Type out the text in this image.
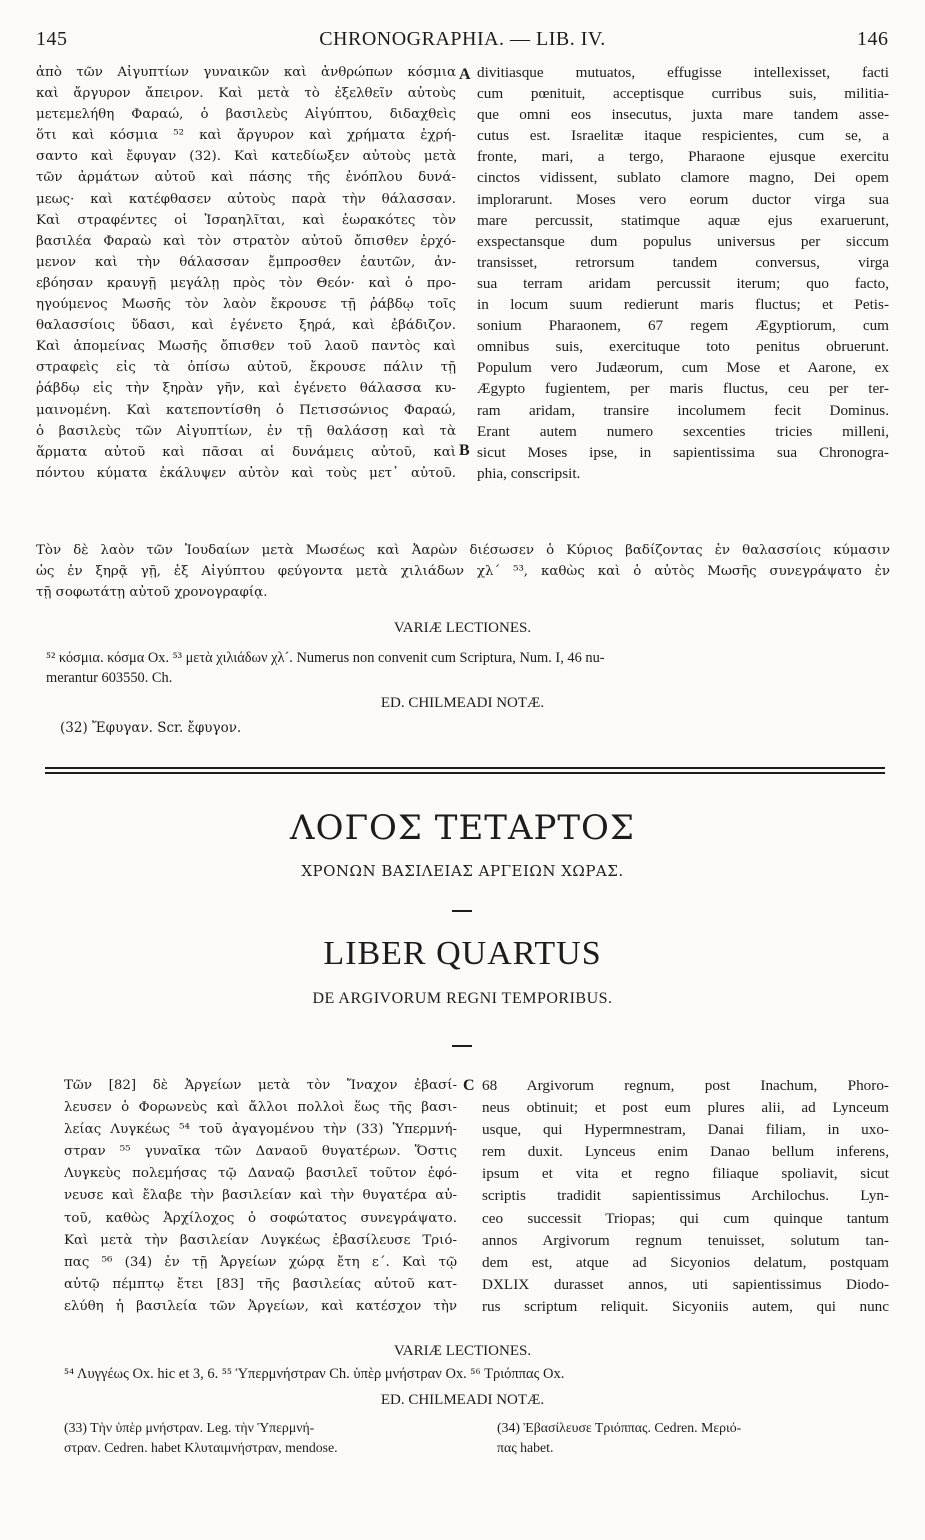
145	CHRONOGRAPHIA. — LIB. IV.	146
ἀπὸ τῶν Αἰγυπτίων γυναικῶν καὶ ἀνθρώπων κόσμια
καὶ ἄργυρον ἄπειρον. Καὶ μετὰ τὸ ἐξελθεῖν αὐτοὺς
μετεμελήθη Φαραώ, ὁ βασιλεὺς Αἰγύπτου, διδαχθεὶς
ὅτι καὶ κόσμια ⁵² καὶ ἄργυρον καὶ χρήματα ἐχρή-
σαντο καὶ ἔφυγαν (32). Καὶ κατεδίωξεν αὐτοὺς μετὰ
τῶν ἁρμάτων αὐτοῦ καὶ πάσης τῆς ἐνόπλου δυνά-
μεως· καὶ κατέφθασεν αὐτοὺς παρὰ τὴν θάλασσαν.
Καὶ στραφέντες οἱ Ἰσραηλῖται, καὶ ἑωρακότες τὸν
βασιλέα Φαραὼ καὶ τὸν στρατὸν αὐτοῦ ὄπισθεν ἐρχό-
μενον καὶ τὴν θάλασσαν ἔμπροσθεν ἑαυτῶν, ἀν-
εβόησαν κραυγῇ μεγάλῃ πρὸς τὸν Θεόν· καὶ ὁ προ-
ηγούμενος Μωσῆς τὸν λαὸν ἔκρουσε τῇ ῥάβδῳ τοῖς
θαλασσίοις ὕδασι, καὶ ἐγένετο ξηρά, καὶ ἐβάδιζον.
Καὶ ἀπομείνας Μωσῆς ὄπισθεν τοῦ λαοῦ παντὸς καὶ
στραφεὶς εἰς τὰ ὀπίσω αὐτοῦ, ἔκρουσε πάλιν τῇ
ῥάβδῳ εἰς τὴν ξηρὰν γῆν, καὶ ἐγένετο θάλασσα κυ-
μαινομένη. Καὶ κατεποντίσθη ὁ Πετισσώνιος Φαραώ,
ὁ βασιλεὺς τῶν Αἰγυπτίων, ἐν τῇ θαλάσσῃ καὶ τὰ
ἅρματα αὐτοῦ καὶ πᾶσαι αἱ δυνάμεις αὐτοῦ, καὶ
πόντου κύματα ἐκάλυψεν αὐτὸν καὶ τοὺς μετ᾽ αὐτοῦ.
divitiasque mutuatos, effugisse intellexisset, facti
cum pœnituit, acceptisque curribus suis, militia-
que omni eos insecutus, juxta mare tandem asse-
cutus est. Israelitæ itaque respicientes, cum se, a
fronte, mari, a tergo, Pharaone ejusque exercitu
cinctos vidissent, sublato clamore magno, Dei opem
implorarunt. Moses vero eorum ductor virga sua
mare percussit, statimque aquæ ejus exaruerunt,
exspectansque dum populus universus per siccum
transisset, retrorsum tandem conversus, virga
sua terram aridam percussit iterum; quo facto,
in locum suum redierunt maris fluctus; et Petis-
sonium Pharaonem, 67 regem Ægyptiorum, cum
omnibus suis, exercituque toto penitus obruerunt.
Populum vero Judæorum, cum Mose et Aarone, ex
Ægypto fugientem, per maris fluctus, ceu per ter-
ram aridam, transire incolumem fecit Dominus.
Erant autem numero sexcenties tricies milleni,
sicut Moses ipse, in sapientissima sua Chronogra-
phia, conscripsit.
A
B
Τὸν δὲ λαὸν τῶν Ἰουδαίων μετὰ Μωσέως καὶ Ἀαρὼν διέσωσεν ὁ Κύριος βαδίζοντας ἐν θαλασσίοις κύμασιν
ὡς ἐν ξηρᾷ γῇ, ἐξ Αἰγύπτου φεύγοντα μετὰ χιλιάδων χλ´ ⁵³, καθὼς καὶ ὁ αὐτὸς Μωσῆς συνεγράψατο ἐν
τῇ σοφωτάτῃ αὐτοῦ χρονογραφίᾳ.
VARIÆ LECTIONES.
⁵² κόσμια. κόσμα Ox. ⁵³ μετὰ χιλιάδων χλ´. Numerus non convenit cum Scriptura, Num. I, 46 nu-
merantur 603550. Ch.
ED. CHILMEADI NOTÆ.
(32) Ἔφυγαν. Scr. ἔφυγον.
ΛΟΓΟΣ ΤΕΤΑΡΤΟΣ
ΧΡΟΝΩΝ ΒΑΣΙΛΕΙΑΣ ΑΡΓΕΙΩΝ ΧΩΡΑΣ.
LIBER QUARTUS
DE ARGIVORUM REGNI TEMPORIBUS.
Τῶν [82] δὲ Ἀργείων μετὰ τὸν Ἴναχον ἐβασί-
λευσεν ὁ Φορωνεὺς καὶ ἄλλοι πολλοὶ ἕως τῆς βασι-
λείας Λυγκέως ⁵⁴ τοῦ ἀγαγομένου τὴν (33) Ὑπερμνή-
στραν ⁵⁵ γυναῖκα τῶν Δαναοῦ θυγατέρων. Ὅστις
Λυγκεὺς πολεμήσας τῷ Δαναῷ βασιλεῖ τοῦτον ἐφό-
νευσε καὶ ἔλαβε τὴν βασιλείαν καὶ τὴν θυγατέρα αὐ-
τοῦ, καθὼς Ἀρχίλοχος ὁ σοφώτατος συνεγράψατο.
Καὶ μετὰ τὴν βασιλείαν Λυγκέως ἐβασίλευσε Τριό-
πας ⁵⁶ (34) ἐν τῇ Ἀργείων χώρᾳ ἔτη ε´. Καὶ τῷ
αὐτῷ πέμπτῳ ἔτει [83] τῆς βασιλείας αὐτοῦ κατ-
ελύθη ἡ βασιλεία τῶν Ἀργείων, καὶ κατέσχον τὴν
68 Argivorum regnum, post Inachum, Phoro-
neus obtinuit; et post eum plures alii, ad Lynceum
usque, qui Hypermnestram, Danai filiam, in uxo-
rem duxit. Lynceus enim Danao bellum inferens,
ipsum et vita et regno filiaque spoliavit, sicut
scriptis tradidit sapientissimus Archilochus. Lyn-
ceo successit Triopas; qui cum quinque tantum
annos Argivorum regnum tenuisset, solutum tan-
dem est, atque ad Sicyonios delatum, postquam
DXLIX durasset annos, uti sapientissimus Diodo-
rus scriptum reliquit. Sicyoniis autem, qui nunc
C
VARIÆ LECTIONES.
⁵⁴ Λυγγέως Ox. hic et 3, 6. ⁵⁵ Ὑπερμνήστραν Ch. ὑπὲρ μνήστραν Ox. ⁵⁶ Τριόππας Ox.
ED. CHILMEADI NOTÆ.
(33) Τὴν ὑπὲρ μνήστραν. Leg. τὴν Ὑπερμνή-
στραν. Cedren. habet Κλυταιμνήστραν, mendose.
(34) Ἐβασίλευσε Τριόππας. Cedren. Μεριό-
πας habet.
